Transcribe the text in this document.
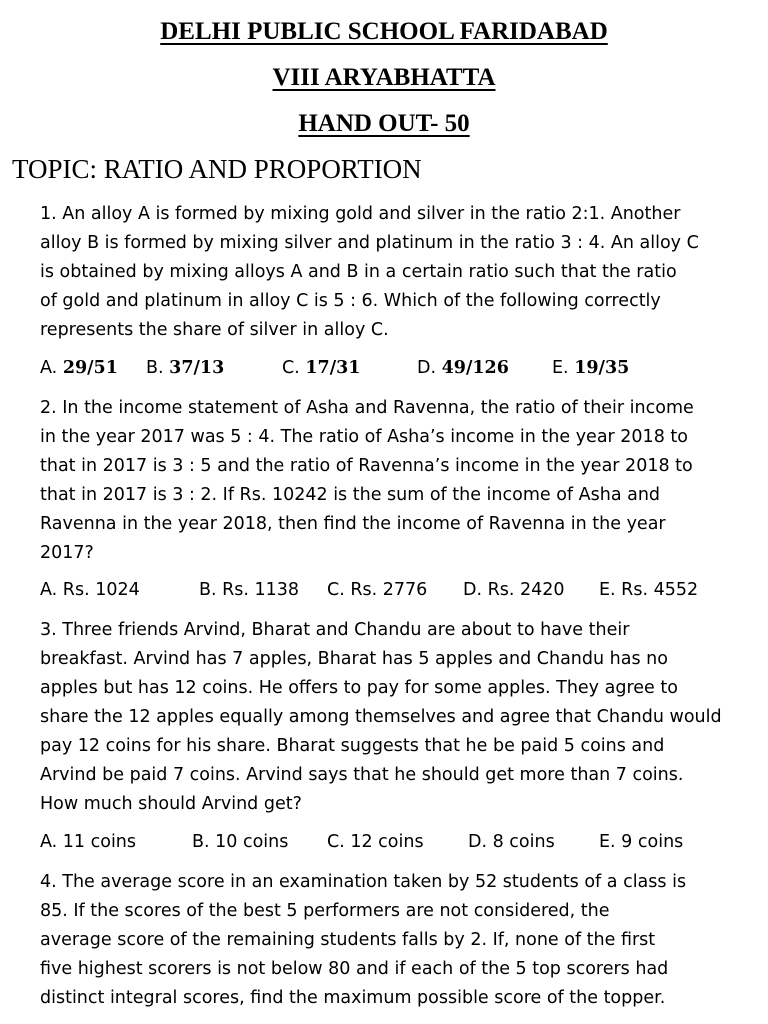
DELHI PUBLIC SCHOOL FARIDABAD
VIII ARYABHATTA
HAND OUT- 50
TOPIC: RATIO AND PROPORTION
1. An alloy A is formed by mixing gold and silver in the ratio 2:1. Another
alloy B is formed by mixing silver and platinum in the ratio 3 : 4. An alloy C
is obtained by mixing alloys A and B in a certain ratio such that the ratio
of gold and platinum in alloy C is 5 : 6. Which of the following correctly
represents the share of silver in alloy C.
A. 29/51 B. 37/13	C. 17/31	D. 49/126 E. 19/35
2. In the income statement of Asha and Ravenna, the ratio of their income
in the year 2017 was 5 : 4. The ratio of Asha’s income in the year 2018 to
that in 2017 is 3 : 5 and the ratio of Ravenna’s income in the year 2018 to
that in 2017 is 3 : 2. If Rs. 10242 is the sum of the income of Asha and
Ravenna in the year 2018, then find the income of Ravenna in the year
2017?
A. Rs. 1024	B. Rs. 1138 C. Rs. 2776 D. Rs. 2420 E. Rs. 4552
3. Three friends Arvind, Bharat and Chandu are about to have their
breakfast. Arvind has 7 apples, Bharat has 5 apples and Chandu has no
apples but has 12 coins. He offers to pay for some apples. They agree to
share the 12 apples equally among themselves and agree that Chandu would
pay 12 coins for his share. Bharat suggests that he be paid 5 coins and
Arvind be paid 7 coins. Arvind says that he should get more than 7 coins.
How much should Arvind get?
A. 11 coins	B. 10 coins C. 12 coins	D. 8 coins	E. 9 coins
4. The average score in an examination taken by 52 students of a class is
85. If the scores of the best 5 performers are not considered, the
average score of the remaining students falls by 2. If, none of the first
five highest scorers is not below 80 and if each of the 5 top scorers had
distinct integral scores, find the maximum possible score of the topper.
